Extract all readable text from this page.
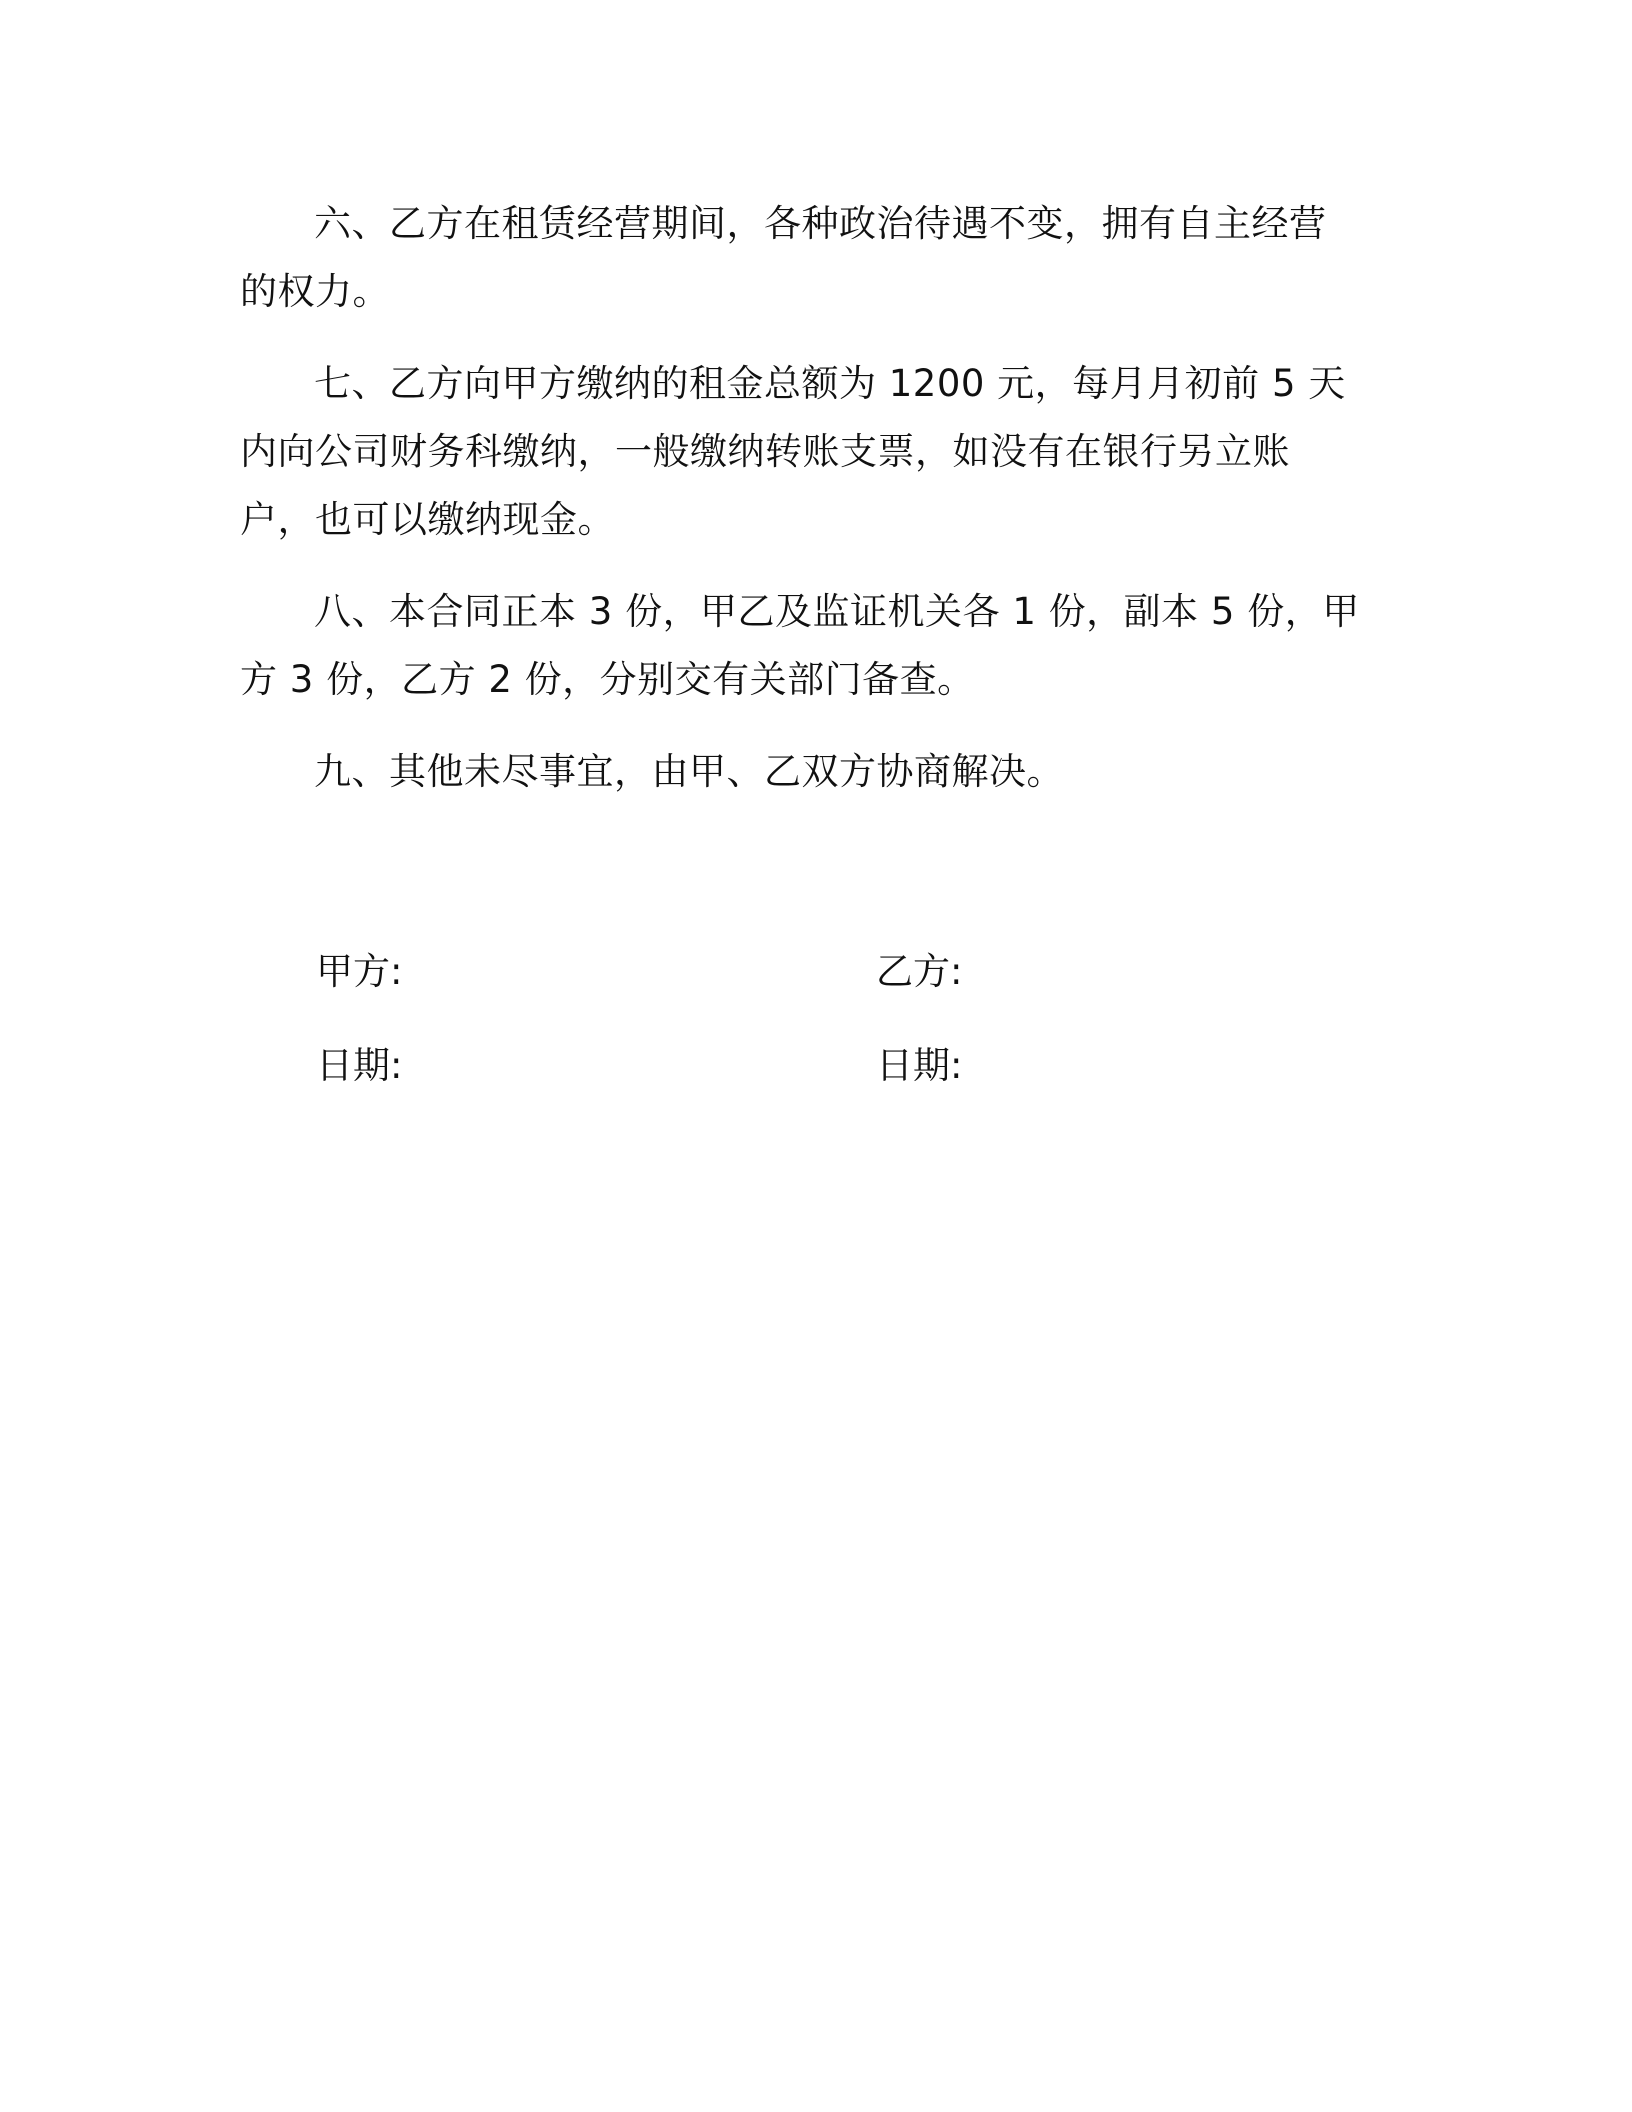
六、乙方在租赁经营期间，各种政治待遇不变，拥有自主经营的权力。

七、乙方向甲方缴纳的租金总额为 1200 元，每月月初前 5 天内向公司财务科缴纳，一般缴纳转账支票，如没有在银行另立账户，也可以缴纳现金。

八、本合同正本 3 份，甲乙及监证机关各 1 份，副本 5 份，甲方 3 份，乙方 2 份，分别交有关部门备查。

九、其他未尽事宜，由甲、乙双方协商解决。

甲方:	乙方:
日期:	日期:
